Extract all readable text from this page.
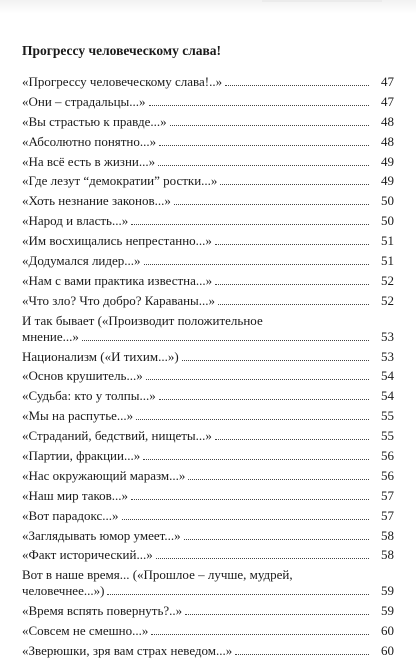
Прогрессу человеческому слава!
«Прогрессу человеческому слава!..»	47
«Они – страдальцы...»	47
«Вы страстью к правде...»	48
«Абсолютно понятно...»	48
«На всё есть в жизни...»	49
«Где лезут “демократии” ростки...»	49
«Хоть незнание законов...»	50
«Народ и власть...»	50
«Им восхищались непрестанно...»	51
«Додумался лидер...»	51
«Нам с вами практика известна...»	52
«Что зло? Что добро? Караваны...»	52
И так бывает («Производит положительное
мнение...»	53
Национализм («И тихим...»)	53
«Основ крушитель...»	54
«Судьба: кто у толпы...»	54
«Мы на распутье...»	55
«Страданий, бедствий, нищеты...»	55
«Партии, фракции...»	56
«Нас окружающий маразм...»	56
«Наш мир таков...»	57
«Вот парадокс...»	57
«Заглядывать юмор умеет...»	58
«Факт исторический...»	58
Вот в наше время... («Прошлое – лучше, мудрей,
человечнее...»)	59
«Время вспять повернуть?..»	59
«Совсем не смешно...»	60
«Зверюшки, зря вам страх неведом...»	60
